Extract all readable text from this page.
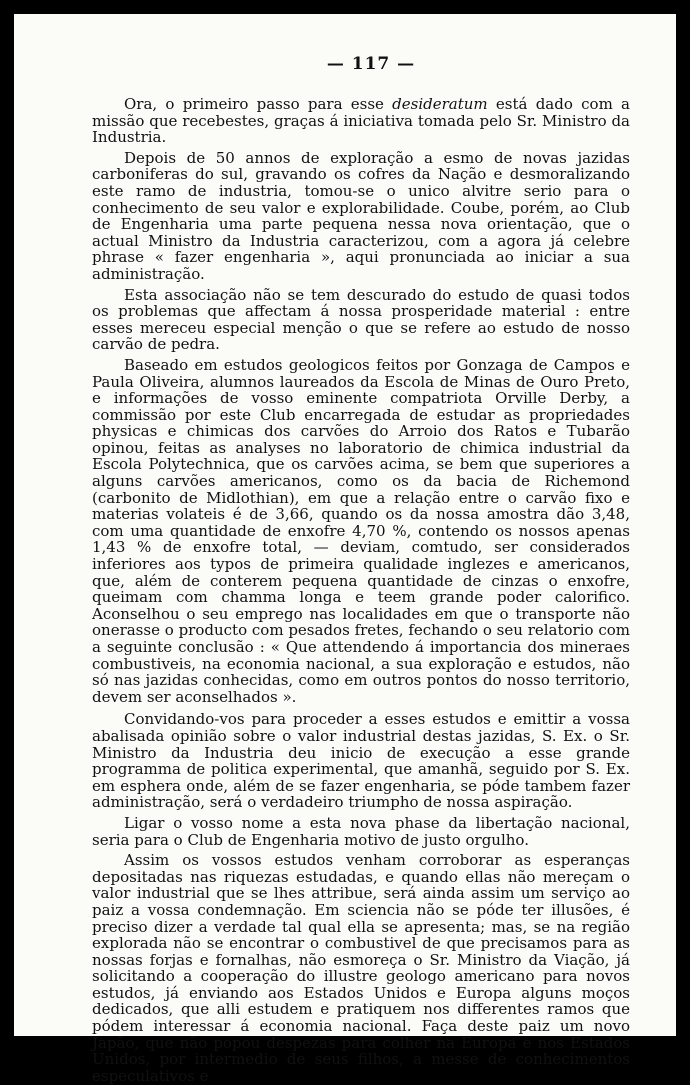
— 117 —

Ora, o primeiro passo para esse desideratum está dado com a missão que recebestes, graças á iniciativa tomada pelo Sr. Ministro da Industria.

Depois de 50 annos de exploração a esmo de novas jazidas carboniferas do sul, gravando os cofres da Nação e desmoralizando este ramo de industria, tomou-se o unico alvitre serio para o conhecimento de seu valor e explorabilidade. Coube, porém, ao Club de Engenharia uma parte pequena nessa nova orientação, que o actual Ministro da Industria caracterizou, com a agora já celebre phrase « fazer engenharia », aqui pronunciada ao iniciar a sua administração.

Esta associação não se tem descurado do estudo de quasi todos os problemas que affectam á nossa prosperidade material : entre esses mereceu especial menção o que se refere ao estudo de nosso carvão de pedra.

Baseado em estudos geologicos feitos por Gonzaga de Campos e Paula Oliveira, alumnos laureados da Escola de Minas de Ouro Preto, e informações de vosso eminente compatriota Orville Derby, a commissão por este Club encarregada de estudar as propriedades physicas e chimicas dos carvões do Arroio dos Ratos e Tubarão opinou, feitas as analyses no laboratorio de chimica industrial da Escola Polytechnica, que os carvões acima, se bem que superiores a alguns carvões americanos, como os da bacia de Richemond (carbonito de Midlothian), em que a relação entre o carvão fixo e materias volateis é de 3,66, quando os da nossa amostra dão 3,48, com uma quantidade de enxofre 4,70 %, contendo os nossos apenas 1,43 % de enxofre total, — deviam, comtudo, ser considerados inferiores aos typos de primeira qualidade inglezes e americanos, que, além de conterem pequena quantidade de cinzas o enxofre, queimam com chamma longa e teem grande poder calorifico. Aconselhou o seu emprego nas localidades em que o transporte não onerasse o producto com pesados fretes, fechando o seu relatorio com a seguinte conclusão : « Que attendendo á importancia dos mineraes combustiveis, na economia nacional, a sua exploração e estudos, não só nas jazidas conhecidas, como em outros pontos do nosso territorio, devem ser aconselhados ».

Convidando-vos para proceder a esses estudos e emittir a vossa abalisada opinião sobre o valor industrial destas jazidas, S. Ex. o Sr. Ministro da Industria deu inicio de execução a esse grande programma de politica experimental, que amanhã, seguido por S. Ex. em esphera onde, além de se fazer engenharia, se póde tambem fazer administração, será o verdadeiro triumpho de nossa aspiração.

Ligar o vosso nome a esta nova phase da libertação nacional, seria para o Club de Engenharia motivo de justo orgulho.

Assim os vossos estudos venham corroborar as esperanças depositadas nas riquezas estudadas, e quando ellas não mereçam o valor industrial que se lhes attribue, será ainda assim um serviço ao paiz a vossa condemnação. Em sciencia não se póde ter illusões, é preciso dizer a verdade tal qual ella se apresenta; mas, se na região explorada não se encontrar o combustivel de que precisamos para as nossas forjas e fornalhas, não esmoreça o Sr. Ministro da Viação, já solicitando a cooperação do illustre geologo americano para novos estudos, já enviando aos Estados Unidos e Europa alguns moços dedicados, que alli estudem e pratiquem nos differentes ramos que pódem interessar á economia nacional. Faça deste paiz um novo Japão, que não popou despezas para colher na Europa e nos Estados Unidos, por intermedio de seus filhos, a messe de conhecimentos especulativos e
